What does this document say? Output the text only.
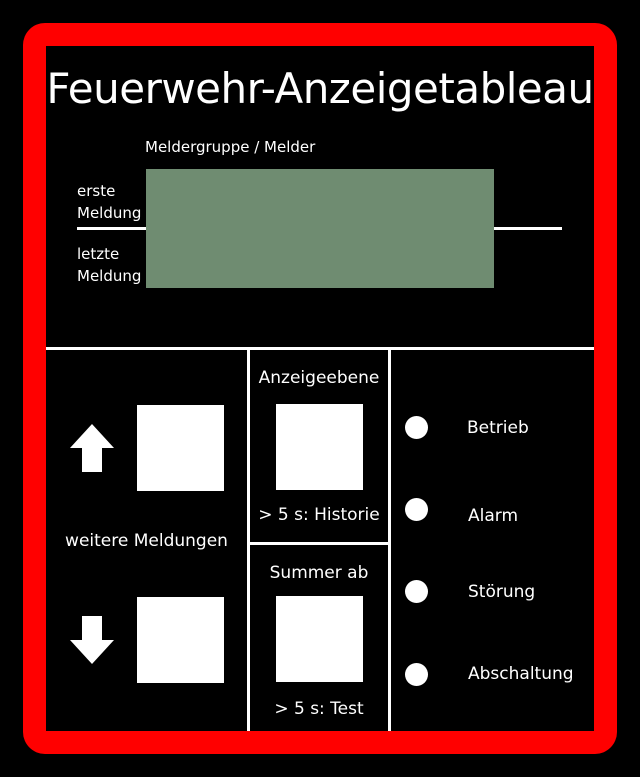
Feuerwehr-Anzeigetableau
Meldergruppe / Melder
erste
Meldung
letzte
Meldung
weitere Meldungen
Anzeigeebene
> 5 s: Historie
Summer ab
> 5 s: Test
Betrieb
Alarm
Störung
Abschaltung
